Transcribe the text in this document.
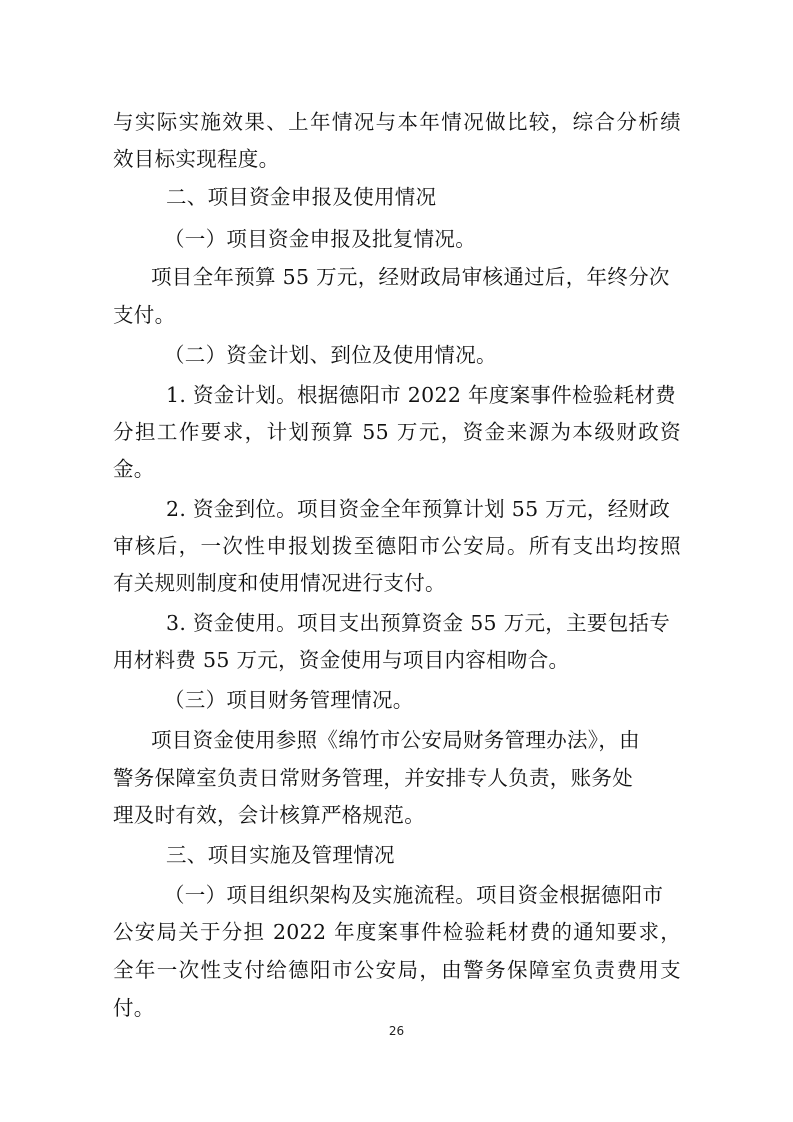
与实际实施效果、上年情况与本年情况做比较，综合分析绩
效目标实现程度。
二、项目资金申报及使用情况
（一）项目资金申报及批复情况。
项目全年预算 55 万元，经财政局审核通过后，年终分次
支付。
（二）资金计划、到位及使用情况。
1. 资金计划。根据德阳市 2022 年度案事件检验耗材费
分担工作要求，计划预算 55 万元，资金来源为本级财政资
金。
2. 资金到位。项目资金全年预算计划 55 万元，经财政
审核后，一次性申报划拨至德阳市公安局。所有支出均按照
有关规则制度和使用情况进行支付。
3. 资金使用。项目支出预算资金 55 万元，主要包括专
用材料费 55 万元，资金使用与项目内容相吻合。
（三）项目财务管理情况。
项目资金使用参照《绵竹市公安局财务管理办法》，由
警务保障室负责日常财务管理，并安排专人负责，账务处
理及时有效，会计核算严格规范。
三、项目实施及管理情况
（一）项目组织架构及实施流程。项目资金根据德阳市
公安局关于分担 2022 年度案事件检验耗材费的通知要求，
全年一次性支付给德阳市公安局，由警务保障室负责费用支
付。
26
